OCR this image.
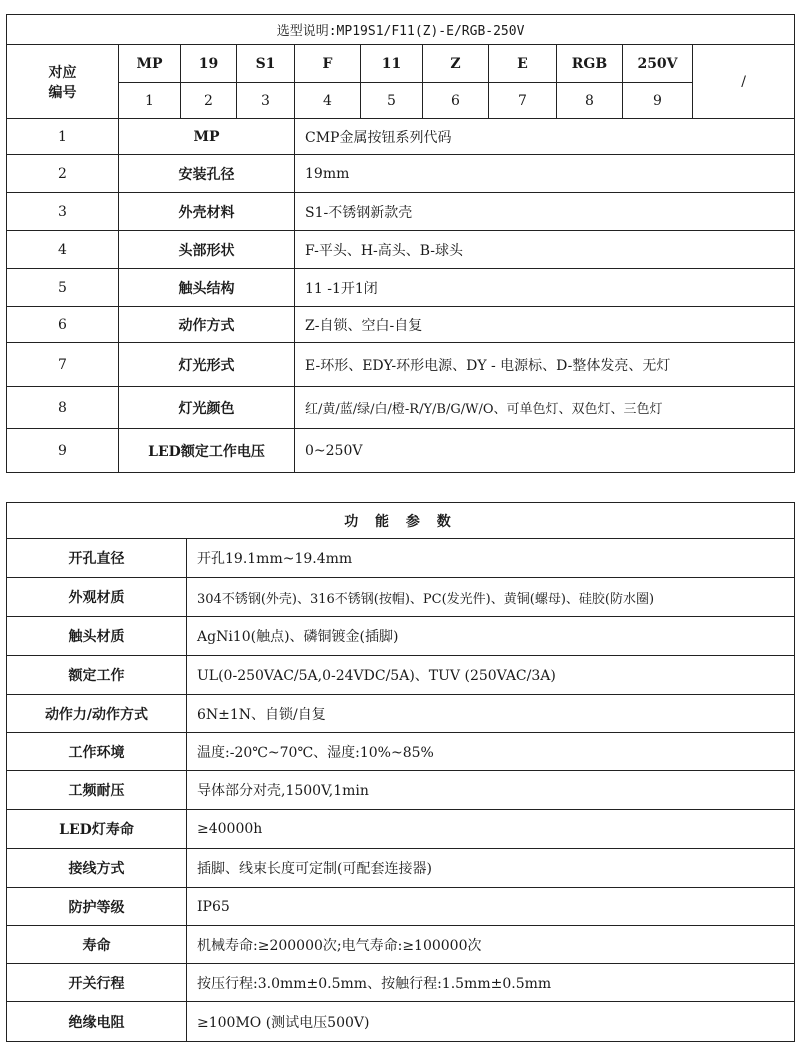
选型说明:MP19S1/F11(Z)-E/RGB-250V										

对应
编号	MP	19	S1	F	11	Z	E	RGB	250V	/
	1	2	3	4	5	6	7	8	9	
1	MP			CMP金属按钮系列代码						
2	安装孔径			19mm						
3	外壳材料			S1-不锈钢新款壳						
4	头部形状			F-平头、H-高头、B-球头						
5	触头结构			11 -1开1闭						
6	动作方式			Z-自锁、空白-自复						
7	灯光形式			E-环形、EDY-环形电源、DY - 电源标、D-整体发亮、无灯						
8	灯光颜色			红/黄/蓝/绿/白/橙-R/Y/B/G/W/O、可单色灯、双色灯、三色灯						
9	LED额定工作电压			0~250V						
功 能 参 数	
开孔直径	开孔19.1mm~19.4mm
外观材质	304不锈钢(外壳)、316不锈钢(按帽)、PC(发光件)、黄铜(螺母)、硅胶(防水圈)
触头材质	AgNi10(触点)、磷铜镀金(插脚)
额定工作	UL(0-250VAC/5A,0-24VDC/5A)、TUV (250VAC/3A)
动作力/动作方式	6N±1N、自锁/自复
工作环境	温度:-20℃~70℃、湿度:10%~85%
工频耐压	导体部分对壳,1500V,1min
LED灯寿命	≥40000h
接线方式	插脚、线束长度可定制(可配套连接器)
防护等级	IP65
寿命	机械寿命:≥200000次;电气寿命:≥100000次
开关行程	按压行程:3.0mm±0.5mm、按触行程:1.5mm±0.5mm
绝缘电阻	≥100MO (测试电压500V)
